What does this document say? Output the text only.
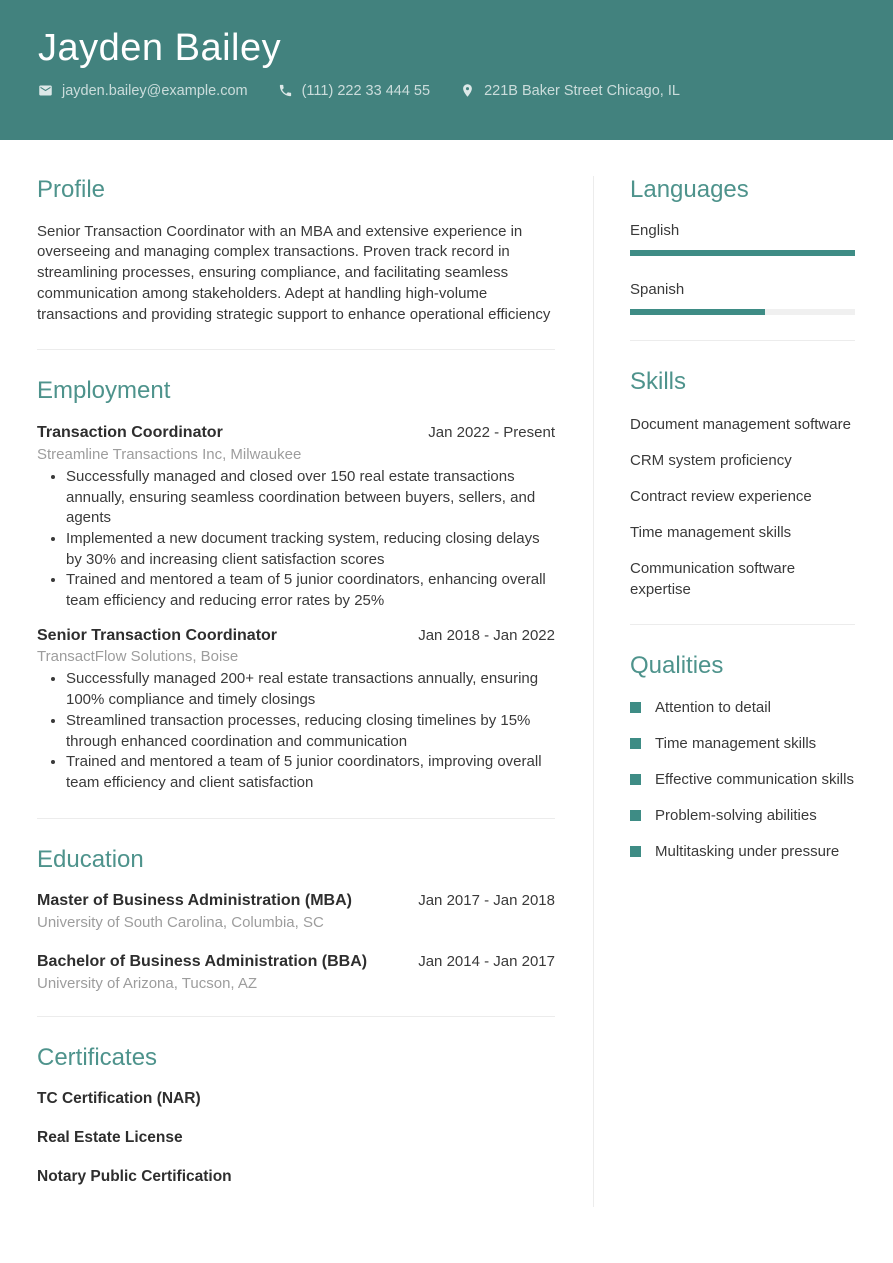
Jayden Bailey
jayden.bailey@example.com	(111) 222 33 444 55	221B Baker Street Chicago, IL
Profile

Senior Transaction Coordinator with an MBA and extensive experience in overseeing and managing complex transactions. Proven track record in streamlining processes, ensuring compliance, and facilitating seamless communication among stakeholders. Adept at handling high-volume transactions and providing strategic support to enhance operational efficiency

Employment
Transaction Coordinator	Jan 2022 - Present
Streamline Transactions Inc, Milwaukee
• Successfully managed and closed over 150 real estate transactions annually, ensuring seamless coordination between buyers, sellers, and agents
• Implemented a new document tracking system, reducing closing delays by 30% and increasing client satisfaction scores
• Trained and mentored a team of 5 junior coordinators, enhancing overall team efficiency and reducing error rates by 25%
Senior Transaction Coordinator	Jan 2018 - Jan 2022
TransactFlow Solutions, Boise
• Successfully managed 200+ real estate transactions annually, ensuring 100% compliance and timely closings
• Streamlined transaction processes, reducing closing timelines by 15% through enhanced coordination and communication
• Trained and mentored a team of 5 junior coordinators, improving overall team efficiency and client satisfaction
Education
Master of Business Administration (MBA)	Jan 2017 - Jan 2018
University of South Carolina, Columbia, SC
Bachelor of Business Administration (BBA)	Jan 2014 - Jan 2017
University of Arizona, Tucson, AZ
Certificates
TC Certification (NAR)
Real Estate License
Notary Public Certification
Languages
English
Spanish
Skills
Document management software
CRM system proficiency
Contract review experience
Time management skills
Communication software expertise
Qualities
Attention to detail
Time management skills
Effective communication skills
Problem-solving abilities
Multitasking under pressure
